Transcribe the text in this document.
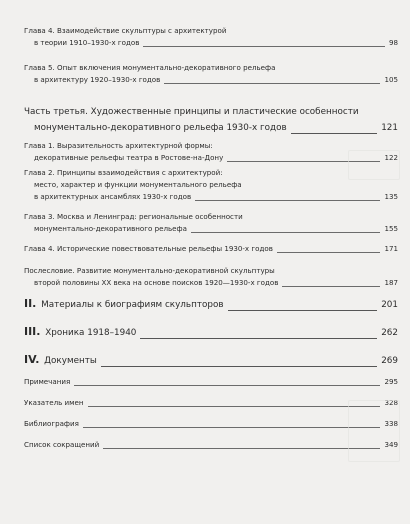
Глава 4. Взаимодействие скульптуры с архитектурой
в теории 1910–1930-х годов	98
Глава 5. Опыт включения монументально-декоративного рельефа
в архитектуру 1920–1930-х годов	105
Часть третья. Художественные принципы и пластические особенности
монументально-декоративного рельефа 1930-х годов	121
Глава 1. Выразительность архитектурной формы:
декоративные рельефы театра в Ростове-на-Дону	122
Глава 2. Принципы взаимодействия с архитектурой:
место, характер и функции монументального рельефа
в архитектурных ансамблях 1930-х годов	135
Глава 3. Москва и Ленинград: региональные особенности
монументально-декоративного рельефа	155
Глава 4. Исторические повествовательные рельефы 1930-х годов	171
Послесловие. Развитие монументально-декоративной скульптуры
второй половины XX века на основе поисков 1920—1930-х годов	187
II. Материалы к биографиям скульпторов	201
III. Хроника 1918–1940	262
IV. Документы	269
Примечания	295
Указатель имен	328
Библиография	338
Список сокращений	349
